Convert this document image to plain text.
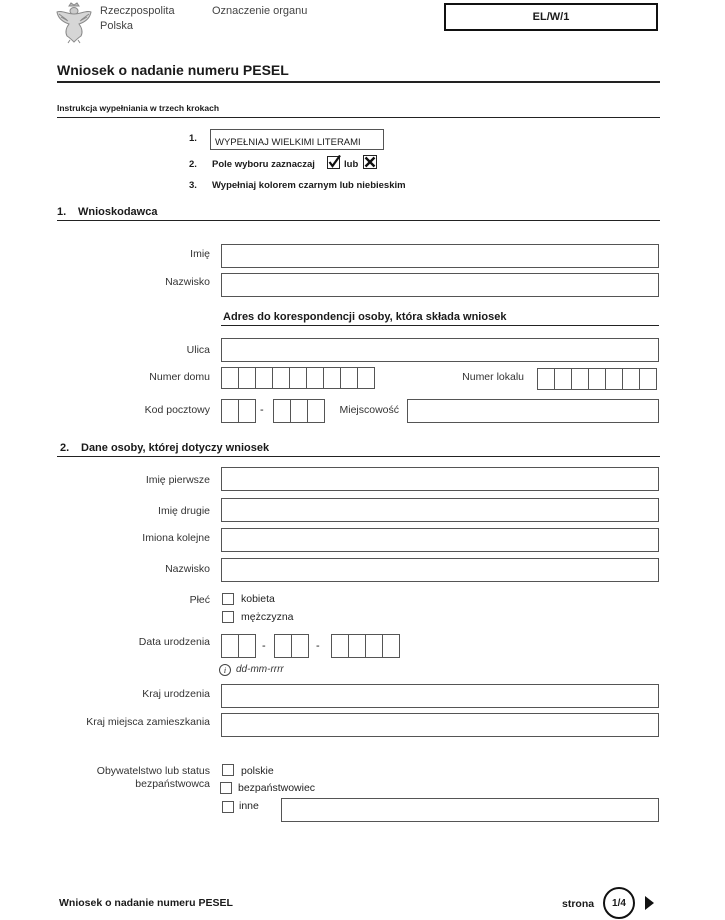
Rzeczpospolita
Polska
Oznaczenie organu	EL/W/1
Wniosek o nadanie numeru PESEL
Instrukcja wypełniania w trzech krokach
1.	WYPEŁNIAJ WIELKIMI LITERAMI
2. Pole wyboru zaznaczaj	lub
3. Wypełniaj kolorem czarnym lub niebieskim
1. Wnioskodawca
Imię
Nazwisko
Adres do korespondencji osoby, która składa wniosek
Ulica
Numer domu	Numer lokalu
Kod pocztowy	-	Miejscowość
2. Dane osoby, której dotyczy wniosek
Imię pierwsze
Imię drugie
Imiona kolejne
Nazwisko
Płeć	kobieta
mężczyzna
Data urodzenia	-	-
i dd-mm-rrrr
Kraj urodzenia
Kraj miejsca zamieszkania
Obywatelstwo lub status
bezpaństwowca
polskie
bezpaństwowiec
inne
Wniosek o nadanie numeru PESEL	strona 1/4
